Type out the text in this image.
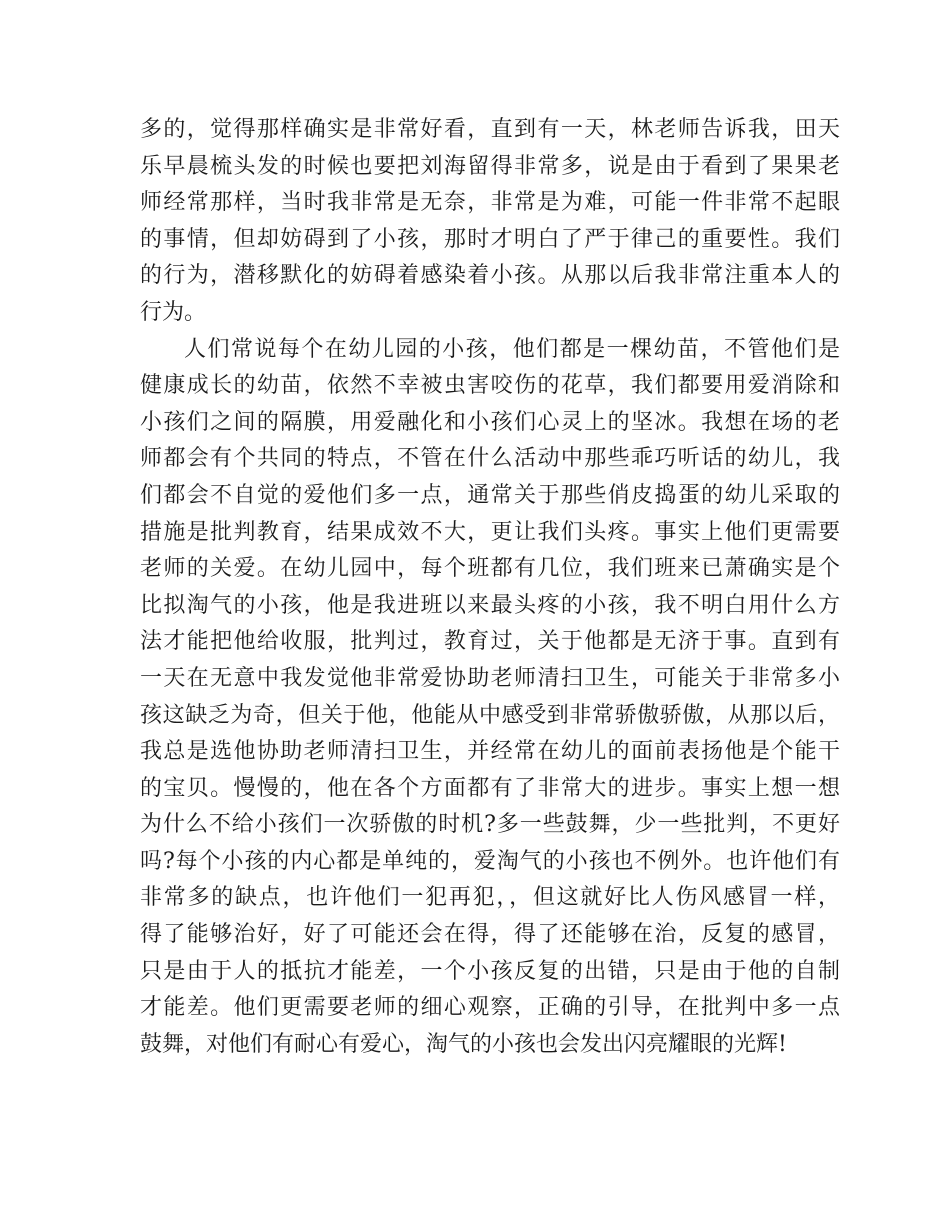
多的，觉得那样确实是非常好看，直到有一天，林老师告诉我，田天
乐早晨梳头发的时候也要把刘海留得非常多，说是由于看到了果果老
师经常那样，当时我非常是无奈，非常是为难，可能一件非常不起眼
的事情，但却妨碍到了小孩，那时才明白了严于律己的重要性。我们
的行为，潜移默化的妨碍着感染着小孩。从那以后我非常注重本人的
行为。
人们常说每个在幼儿园的小孩，他们都是一棵幼苗，不管他们是
健康成长的幼苗，依然不幸被虫害咬伤的花草，我们都要用爱消除和
小孩们之间的隔膜，用爱融化和小孩们心灵上的坚冰。我想在场的老
师都会有个共同的特点，不管在什么活动中那些乖巧听话的幼儿，我
们都会不自觉的爱他们多一点，通常关于那些俏皮捣蛋的幼儿采取的
措施是批判教育，结果成效不大，更让我们头疼。事实上他们更需要
老师的关爱。在幼儿园中，每个班都有几位，我们班来已萧确实是个
比拟淘气的小孩，他是我进班以来最头疼的小孩，我不明白用什么方
法才能把他给收服，批判过，教育过，关于他都是无济于事。直到有
一天在无意中我发觉他非常爱协助老师清扫卫生，可能关于非常多小
孩这缺乏为奇，但关于他，他能从中感受到非常骄傲骄傲，从那以后，
我总是选他协助老师清扫卫生，并经常在幼儿的面前表扬他是个能干
的宝贝。慢慢的，他在各个方面都有了非常大的进步。事实上想一想
为什么不给小孩们一次骄傲的时机?多一些鼓舞，少一些批判，不更好
吗?每个小孩的内心都是单纯的，爱淘气的小孩也不例外。也许他们有
非常多的缺点，也许他们一犯再犯，，但这就好比人伤风感冒一样，
得了能够治好，好了可能还会在得，得了还能够在治，反复的感冒，
只是由于人的抵抗才能差，一个小孩反复的出错，只是由于他的自制
才能差。他们更需要老师的细心观察，正确的引导，在批判中多一点
鼓舞，对他们有耐心有爱心，淘气的小孩也会发出闪亮耀眼的光辉!
